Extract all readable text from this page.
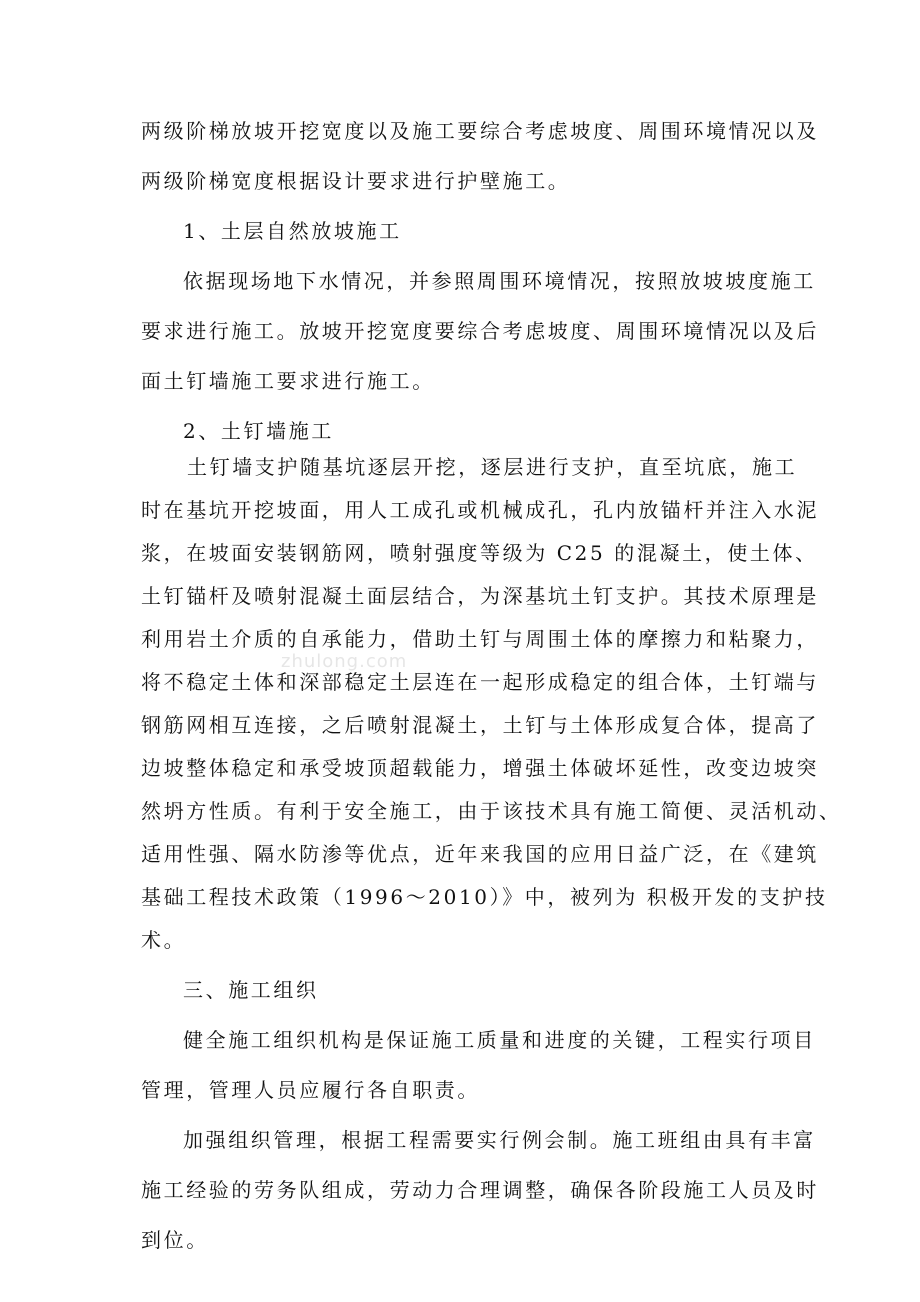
两级阶梯放坡开挖宽度以及施工要综合考虑坡度、周围环境情况以及
两级阶梯宽度根据设计要求进行护壁施工。
1、土层自然放坡施工
依据现场地下水情况，并参照周围环境情况，按照放坡坡度施工
要求进行施工。放坡开挖宽度要综合考虑坡度、周围环境情况以及后
面土钉墙施工要求进行施工。
2、土钉墙施工
土钉墙支护随基坑逐层开挖，逐层进行支护，直至坑底，施工
时在基坑开挖坡面，用人工成孔或机械成孔，孔内放锚杆并注入水泥
浆，在坡面安装钢筋网，喷射强度等级为 C25 的混凝土，使土体、
土钉锚杆及喷射混凝土面层结合，为深基坑土钉支护。其技术原理是
利用岩土介质的自承能力，借助土钉与周围土体的摩擦力和粘聚力，
将不稳定土体和深部稳定土层连在一起形成稳定的组合体，土钉端与
钢筋网相互连接，之后喷射混凝土，土钉与土体形成复合体，提高了
边坡整体稳定和承受坡顶超载能力，增强土体破坏延性，改变边坡突
然坍方性质。有利于安全施工，由于该技术具有施工简便、灵活机动、
适用性强、隔水防渗等优点，近年来我国的应用日益广泛，在《建筑
基础工程技术政策（1996～2010）》中，被列为 积极开发的支护技
术。
三、施工组织
健全施工组织机构是保证施工质量和进度的关键，工程实行项目
管理，管理人员应履行各自职责。
加强组织管理，根据工程需要实行例会制。施工班组由具有丰富
施工经验的劳务队组成，劳动力合理调整，确保各阶段施工人员及时
到位。
zhulong.com
